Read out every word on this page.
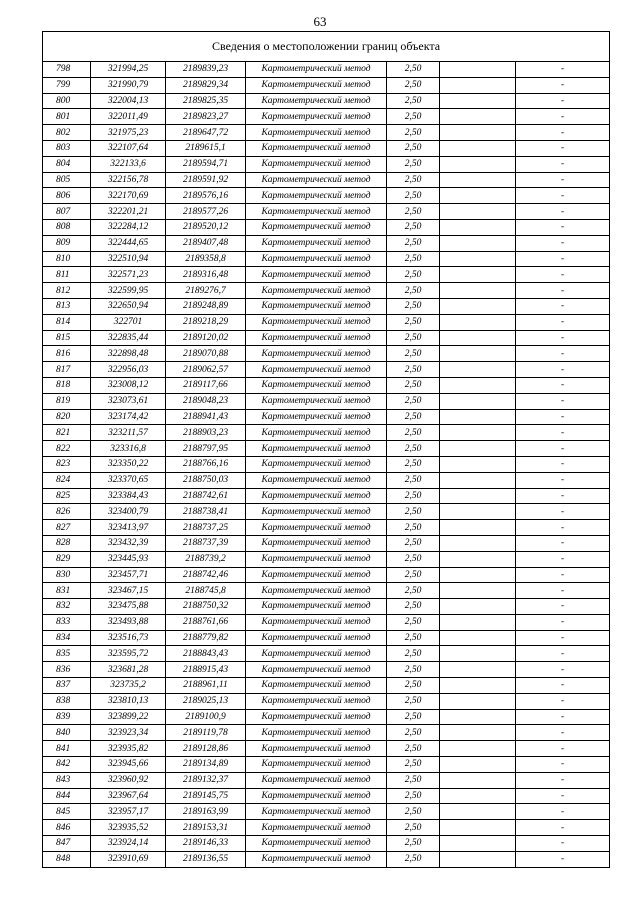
63
Сведения о местоположении границ объекта						
798	321994,25	2189839,23	Картометрический метод	2,50		-
799	321990,79	2189829,34	Картометрический метод	2,50		-
800	322004,13	2189825,35	Картометрический метод	2,50		-
801	322011,49	2189823,27	Картометрический метод	2,50		-
802	321975,23	2189647,72	Картометрический метод	2,50		-
803	322107,64	2189615,1	Картометрический метод	2,50		-
804	322133,6	2189594,71	Картометрический метод	2,50		-
805	322156,78	2189591,92	Картометрический метод	2,50		-
806	322170,69	2189576,16	Картометрический метод	2,50		-
807	322201,21	2189577,26	Картометрический метод	2,50		-
808	322284,12	2189520,12	Картометрический метод	2,50		-
809	322444,65	2189407,48	Картометрический метод	2,50		-
810	322510,94	2189358,8	Картометрический метод	2,50		-
811	322571,23	2189316,48	Картометрический метод	2,50		-
812	322599,95	2189276,7	Картометрический метод	2,50		-
813	322650,94	2189248,89	Картометрический метод	2,50		-
814	322701	2189218,29	Картометрический метод	2,50		-
815	322835,44	2189120,02	Картометрический метод	2,50		-
816	322898,48	2189070,88	Картометрический метод	2,50		-
817	322956,03	2189062,57	Картометрический метод	2,50		-
818	323008,12	2189117,66	Картометрический метод	2,50		-
819	323073,61	2189048,23	Картометрический метод	2,50		-
820	323174,42	2188941,43	Картометрический метод	2,50		-
821	323211,57	2188903,23	Картометрический метод	2,50		-
822	323316,8	2188797,95	Картометрический метод	2,50		-
823	323350,22	2188766,16	Картометрический метод	2,50		-
824	323370,65	2188750,03	Картометрический метод	2,50		-
825	323384,43	2188742,61	Картометрический метод	2,50		-
826	323400,79	2188738,41	Картометрический метод	2,50		-
827	323413,97	2188737,25	Картометрический метод	2,50		-
828	323432,39	2188737,39	Картометрический метод	2,50		-
829	323445,93	2188739,2	Картометрический метод	2,50		-
830	323457,71	2188742,46	Картометрический метод	2,50		-
831	323467,15	2188745,8	Картометрический метод	2,50		-
832	323475,88	2188750,32	Картометрический метод	2,50		-
833	323493,88	2188761,66	Картометрический метод	2,50		-
834	323516,73	2188779,82	Картометрический метод	2,50		-
835	323595,72	2188843,43	Картометрический метод	2,50		-
836	323681,28	2188915,43	Картометрический метод	2,50		-
837	323735,2	2188961,11	Картометрический метод	2,50		-
838	323810,13	2189025,13	Картометрический метод	2,50		-
839	323899,22	2189100,9	Картометрический метод	2,50		-
840	323923,34	2189119,78	Картометрический метод	2,50		-
841	323935,82	2189128,86	Картометрический метод	2,50		-
842	323945,66	2189134,89	Картометрический метод	2,50		-
843	323960,92	2189132,37	Картометрический метод	2,50		-
844	323967,64	2189145,75	Картометрический метод	2,50		-
845	323957,17	2189163,99	Картометрический метод	2,50		-
846	323935,52	2189153,31	Картометрический метод	2,50		-
847	323924,14	2189146,33	Картометрический метод	2,50		-
848	323910,69	2189136,55	Картометрический метод	2,50		-
